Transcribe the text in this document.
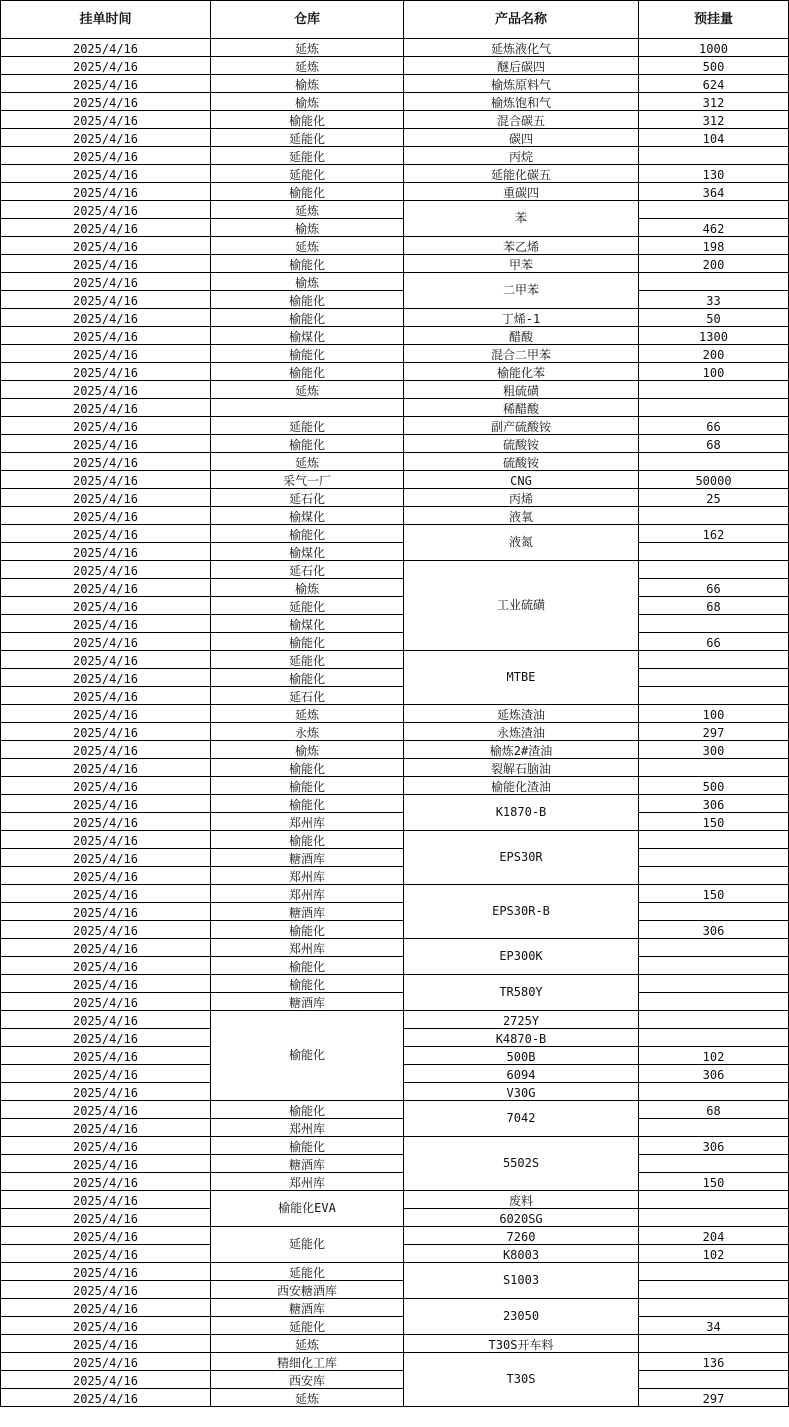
挂单时间	仓库	产品名称	预挂量
2025/4/16	延炼	延炼液化气	1000
2025/4/16	延炼	醚后碳四	500
2025/4/16	榆炼	榆炼原料气	624
2025/4/16	榆炼	榆炼饱和气	312
2025/4/16	榆能化	混合碳五	312
2025/4/16	延能化	碳四	104
2025/4/16	延能化	丙烷	
2025/4/16	延能化	延能化碳五	130
2025/4/16	榆能化	重碳四	364
2025/4/16	延炼	苯	
2025/4/16	榆炼		462
2025/4/16	延炼	苯乙烯	198
2025/4/16	榆能化	甲苯	200
2025/4/16	榆炼	二甲苯	
2025/4/16	榆能化		33
2025/4/16	榆能化	丁烯-1	50
2025/4/16	榆煤化	醋酸	1300
2025/4/16	榆能化	混合二甲苯	200
2025/4/16	榆能化	榆能化苯	100
2025/4/16	延炼	粗硫磺	
2025/4/16		稀醋酸	
2025/4/16	延能化	副产硫酸铵	66
2025/4/16	榆能化	硫酸铵	68
2025/4/16	延炼	硫酸铵	
2025/4/16	采气一厂	CNG	50000
2025/4/16	延石化	丙烯	25
2025/4/16	榆煤化	液氧	
2025/4/16	榆能化	液氮	162
2025/4/16	榆煤化		
2025/4/16	延石化	工业硫磺	
2025/4/16	榆炼		66
2025/4/16	延能化		68
2025/4/16	榆煤化		
2025/4/16	榆能化		66
2025/4/16	延能化	MTBE	
2025/4/16	榆能化		
2025/4/16	延石化		
2025/4/16	延炼	延炼渣油	100
2025/4/16	永炼	永炼渣油	297
2025/4/16	榆炼	榆炼2#渣油	300
2025/4/16	榆能化	裂解石脑油	
2025/4/16	榆能化	榆能化渣油	500
2025/4/16	榆能化	K1870-B	306
2025/4/16	郑州库		150
2025/4/16	榆能化	EPS30R	
2025/4/16	糖酒库		
2025/4/16	郑州库		
2025/4/16	郑州库	EPS30R-B	150
2025/4/16	糖酒库		
2025/4/16	榆能化		306
2025/4/16	郑州库	EP300K	
2025/4/16	榆能化		
2025/4/16	榆能化	TR580Y	
2025/4/16	糖酒库		
2025/4/16	榆能化	2725Y	
2025/4/16		K4870-B	
2025/4/16		500B	102
2025/4/16		6094	306
2025/4/16		V30G	
2025/4/16	榆能化	7042	68
2025/4/16	郑州库		
2025/4/16	榆能化	5502S	306
2025/4/16	糖酒库		
2025/4/16	郑州库		150
2025/4/16	榆能化EVA	废料	
2025/4/16		6020SG	
2025/4/16	延能化	7260	204
2025/4/16		K8003	102
2025/4/16	延能化	S1003	
2025/4/16	西安糖酒库		
2025/4/16	糖酒库	23050	
2025/4/16	延能化		34
2025/4/16	延炼	T30S开车料	
2025/4/16	精细化工库	T30S	136
2025/4/16	西安库		
2025/4/16	延炼		297
